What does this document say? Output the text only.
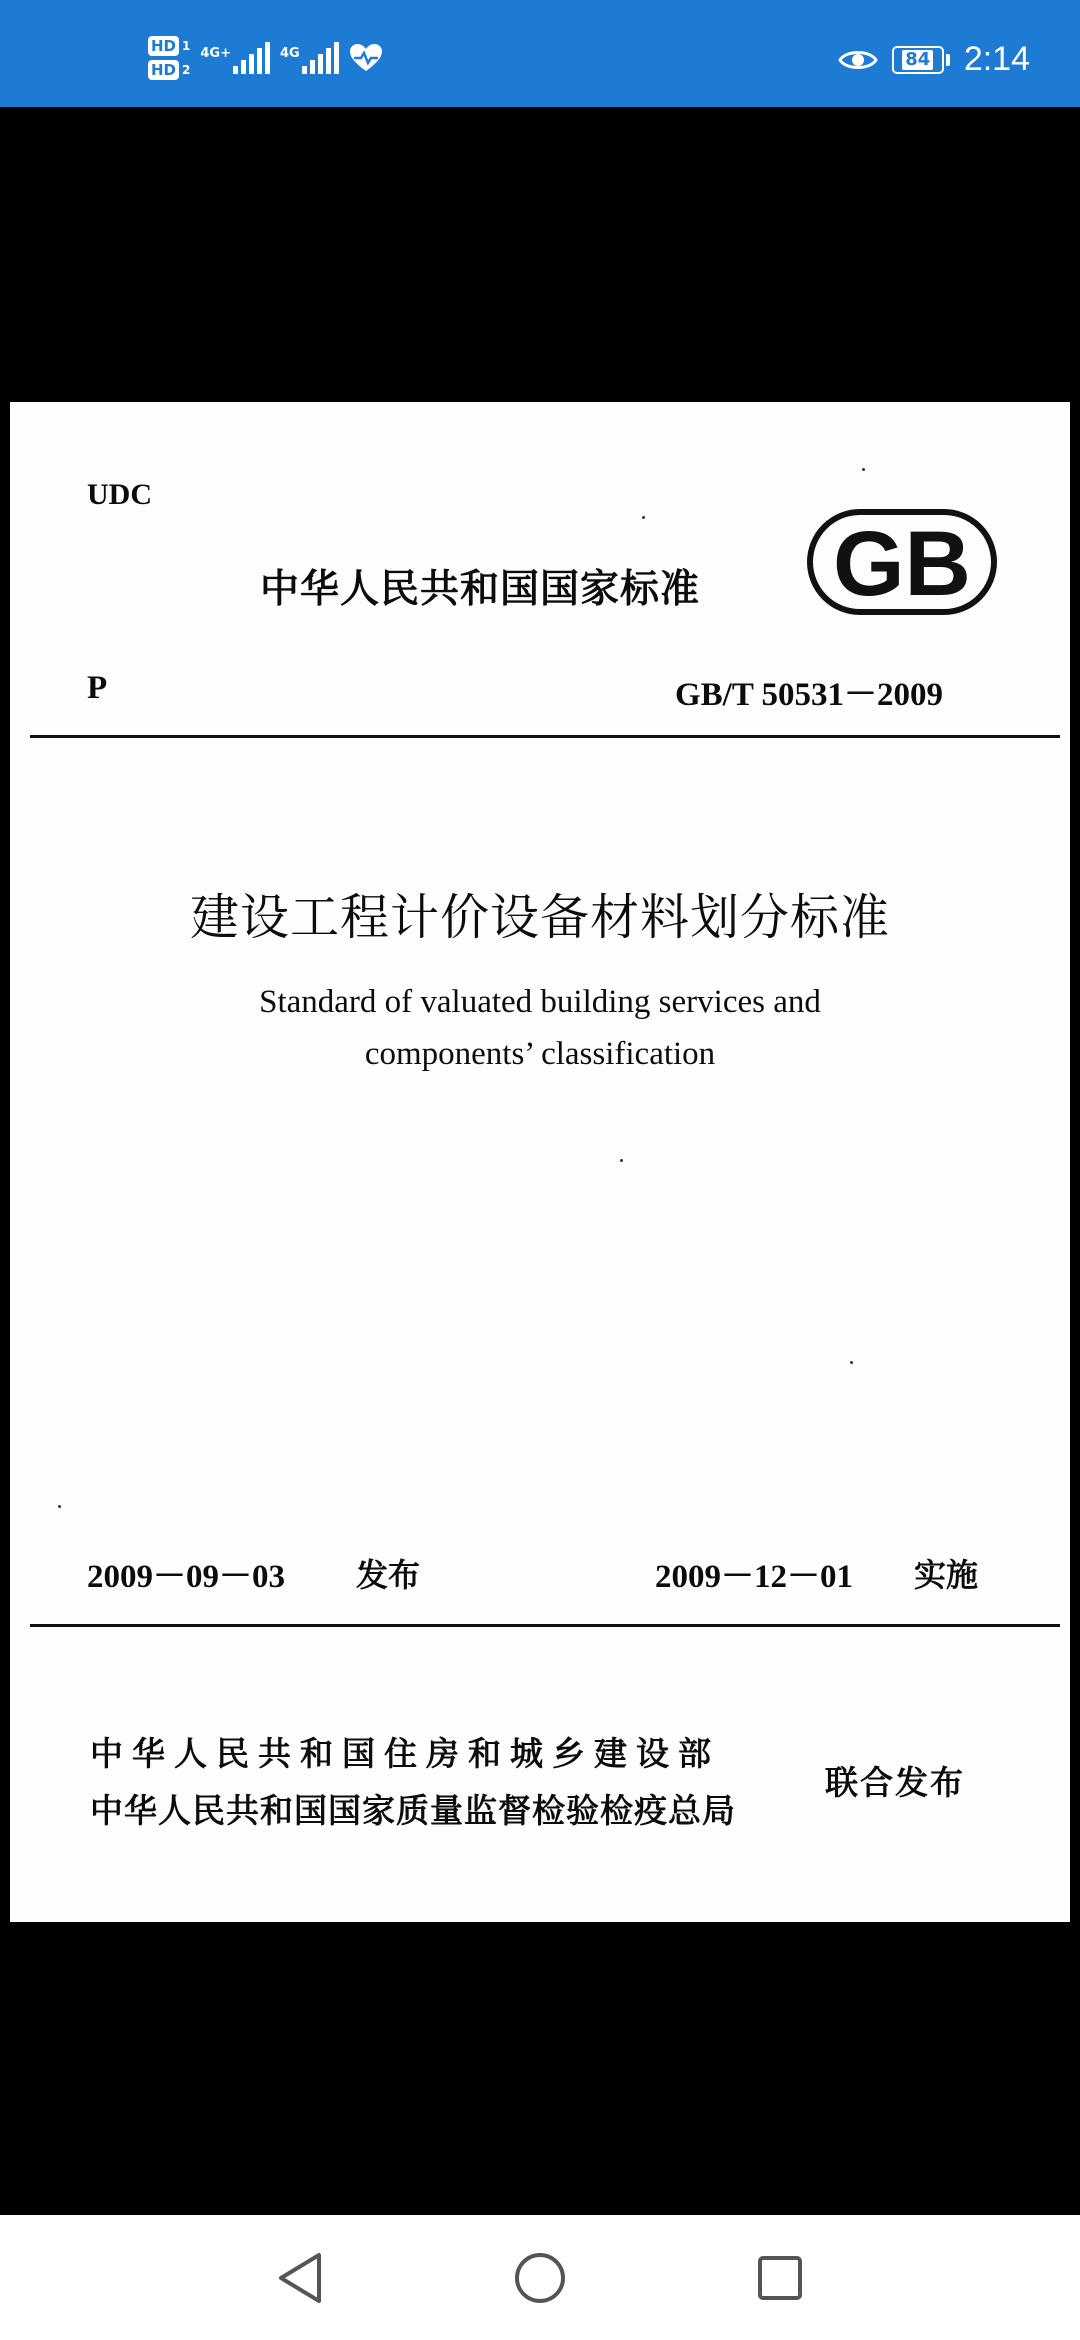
HD 1
HD 2
4G+	4G	84 2:14
UDC
中华人民共和国国家标准 GB
P	GB/T 50531－2009
建设工程计价设备材料划分标准
Standard of valuated building services and
components’ classification
2009－09－03 发布	2009－12－01 实施
中华人民共和国住房和城乡建设部
中华人民共和国国家质量监督检验检疫总局
联合发布
